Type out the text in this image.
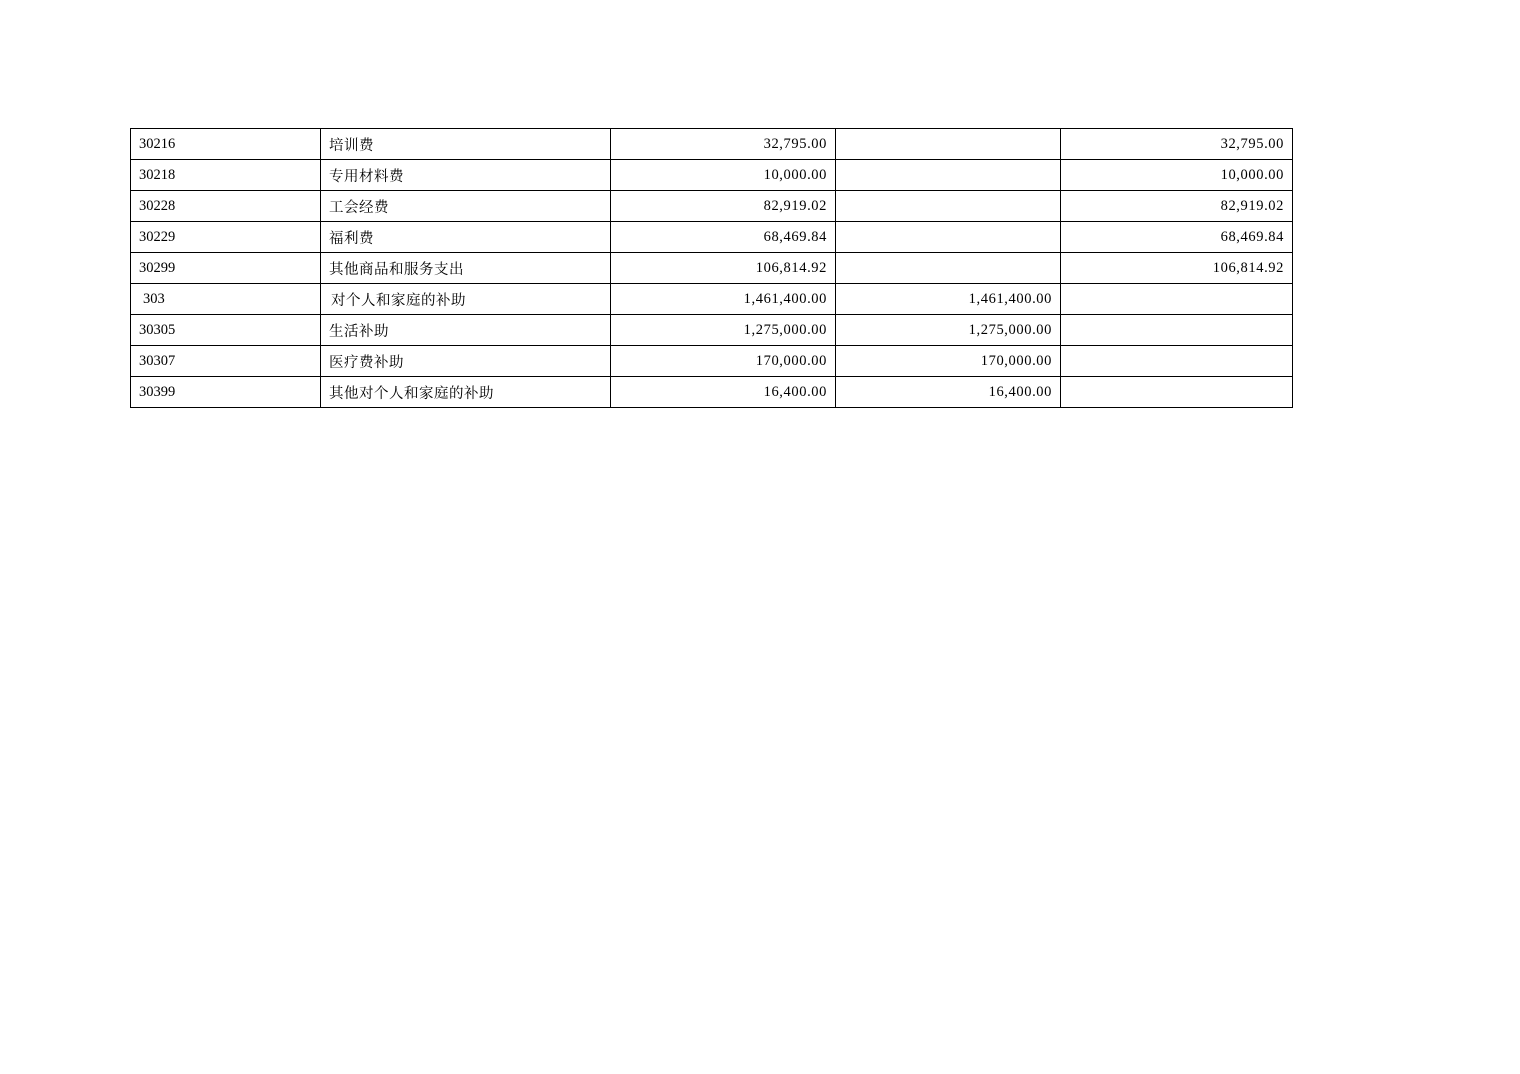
30216	培训费	32,795.00		32,795.00
30218	专用材料费	10,000.00		10,000.00
30228	工会经费	82,919.02		82,919.02
30229	福利费	68,469.84		68,469.84
30299	其他商品和服务支出	106,814.92		106,814.92
303	对个人和家庭的补助	1,461,400.00	1,461,400.00	
30305	生活补助	1,275,000.00	1,275,000.00	
30307	医疗费补助	170,000.00	170,000.00	
30399	其他对个人和家庭的补助	16,400.00	16,400.00	
